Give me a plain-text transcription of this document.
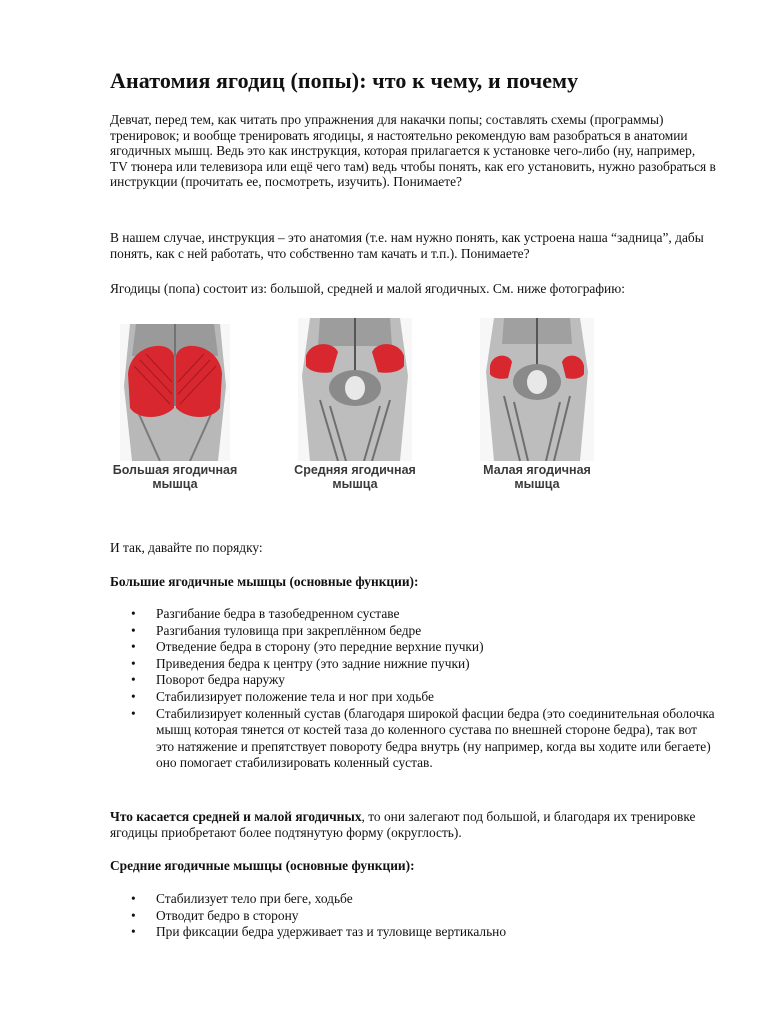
Анатомия ягодиц (попы): что к чему, и почему

Девчат, перед тем, как читать про упражнения для накачки попы; составлять схемы (программы) тренировок; и вообще тренировать ягодицы, я настоятельно рекомендую вам разобраться в анатомии ягодичных мышц. Ведь это как инструкция, которая прилагается к установке чего-либо (ну, например, TV тюнера или телевизора или ещё чего там) ведь чтобы понять, как его установить, нужно разобраться в инструкции (прочитать ее, посмотреть, изучить). Понимаете?

В нашем случае, инструкция – это анатомия (т.е. нам нужно понять, как устроена наша “задница”, дабы понять, как с ней работать, что собственно там качать и т.п.). Понимаете?

Ягодицы (попа) состоит из: большой, средней и малой ягодичных. См. ниже фотографию:

Большая ягодичная
мышца
Средняя ягодичная
мышца
Малая ягодичная
мышца

И так, давайте по порядку:

Большие ягодичные мышцы (основные функции):

• Разгибание бедра в тазобедренном суставе
• Разгибания туловища при закреплённом бедре
• Отведение бедра в сторону (это передние верхние пучки)
• Приведения бедра к центру (это задние нижние пучки)
• Поворот бедра наружу
• Стабилизирует положение тела и ног при ходьбе
• Стабилизирует коленный сустав (благодаря широкой фасции бедра (это соединительная оболочка мышц которая тянется от костей таза до коленного сустава по внешней стороне бедра), так вот это натяжение и препятствует повороту бедра внутрь (ну например, когда вы ходите или бегаете) оно помогает стабилизировать коленный сустав.

Что касается средней и малой ягодичных, то они залегают под большой, и благодаря их тренировке ягодицы приобретают более подтянутую форму (округлость).

Средние ягодичные мышцы (основные функции):

• Стабилизует тело при беге, ходьбе
• Отводит бедро в сторону
• При фиксации бедра удерживает таз и туловище вертикально
